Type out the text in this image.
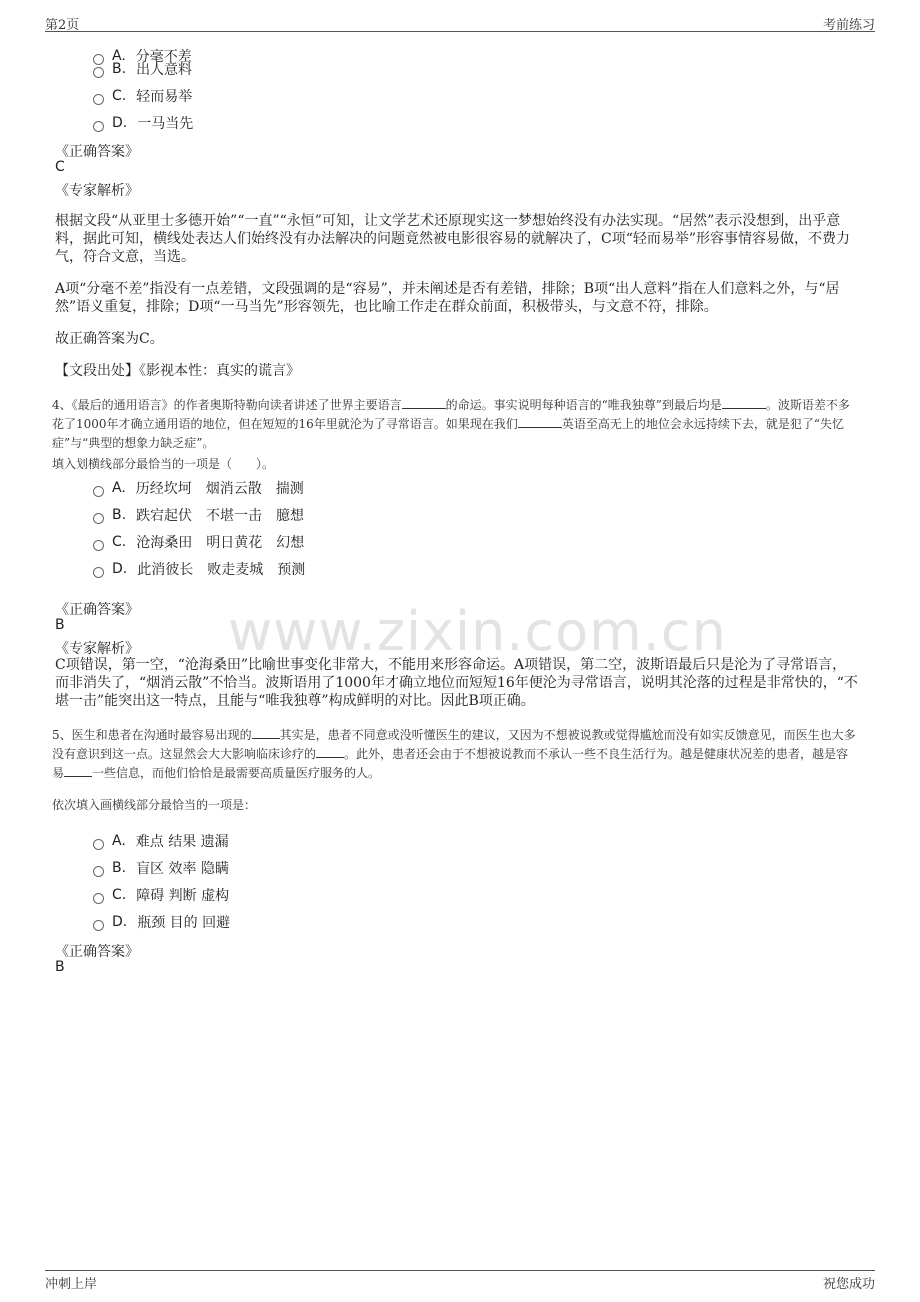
第2页	考前练习
www.zixin.com.cn
A. 分毫不差
B. 出人意料
C. 轻而易举
D. 一马当先
《正确答案》
C
《专家解析》
根据文段“从亚里士多德开始”“一直”“永恒”可知，让文学艺术还原现实这一梦想始终没有办法实现。“居然”表示没想到，出乎意料，据此可知，横线处表达人们始终没有办法解决的问题竟然被电影很容易的就解决了，C项“轻而易举”形容事情容易做，不费力气，符合文意，当选。
A项“分毫不差”指没有一点差错，文段强调的是“容易”，并未阐述是否有差错，排除；B项“出人意料”指在人们意料之外，与“居然”语义重复，排除；D项“一马当先”形容领先，也比喻工作走在群众前面，积极带头，与文意不符，排除。
故正确答案为C。
【文段出处】《影视本性：真实的谎言》
4、《最后的通用语言》的作者奥斯特勒向读者讲述了世界主要语言	的命运。事实说明每种语言的“唯我独尊”到最后均是	。波斯语差不多花了1000年才确立通用语的地位，但在短短的16年里就沦为了寻常语言。如果现在我们	英语至高无上的地位会永远持续下去，就是犯了“失忆症”与“典型的想象力缺乏症”。
填入划横线部分最恰当的一项是（　　）。
A. 历经坎坷　烟消云散　揣测
B. 跌宕起伏　不堪一击　臆想
C. 沧海桑田　明日黄花　幻想
D. 此消彼长　败走麦城　预测
《正确答案》
B
《专家解析》
C项错误，第一空，“沧海桑田”比喻世事变化非常大，不能用来形容命运。A项错误，第二空，波斯语最后只是沦为了寻常语言，而非消失了，“烟消云散”不恰当。波斯语用了1000年才确立地位而短短16年便沦为寻常语言，说明其沦落的过程是非常快的，“不堪一击”能突出这一特点，且能与“唯我独尊”构成鲜明的对比。因此B项正确。
5、医生和患者在沟通时最容易出现的 其实是，患者不同意或没听懂医生的建议，又因为不想被说教或觉得尴尬而没有如实反馈意见，而医生也大多没有意识到这一点。这显然会大大影响临床诊疗的 。此外，患者还会由于不想被说教而不承认一些不良生活行为。越是健康状况差的患者，越是容易 一些信息，而他们恰恰是最需要高质量医疗服务的人。
依次填入画横线部分最恰当的一项是：
A. 难点 结果 遗漏
B. 盲区 效率 隐瞒
C. 障碍 判断 虚构
D. 瓶颈 目的 回避
《正确答案》
B
冲刺上岸	祝您成功
